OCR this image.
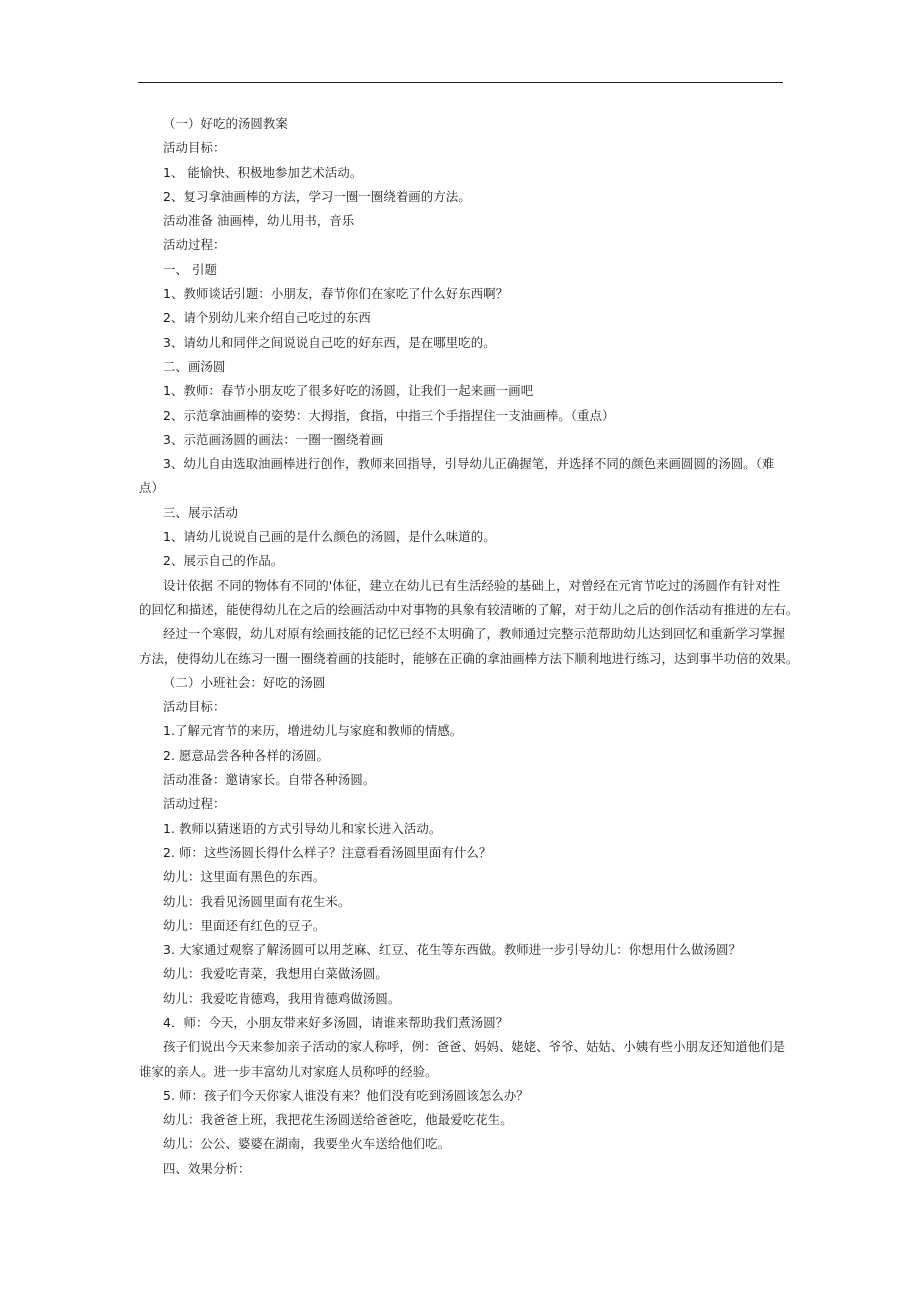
（一）好吃的汤圆教案
活动目标：
1、 能愉快、积极地参加艺术活动。
2、复习拿油画棒的方法，学习一圈一圈绕着画的方法。
活动准备 油画棒，幼儿用书，音乐
活动过程：
一、 引题
1、教师谈话引题：小朋友，春节你们在家吃了什么好东西啊？
2、请个别幼儿来介绍自己吃过的东西
3、请幼儿和同伴之间说说自己吃的好东西，是在哪里吃的。
二、画汤圆
1、教师：春节小朋友吃了很多好吃的汤圆，让我们一起来画一画吧
2、示范拿油画棒的姿势：大拇指，食指，中指三个手指捏住一支油画棒。（重点）
3、示范画汤圆的画法：一圈一圈绕着画
3、幼儿自由选取油画棒进行创作，教师来回指导，引导幼儿正确握笔，并选择不同的颜色来画圆圆的汤圆。（难
点）
三、展示活动
1、请幼儿说说自己画的是什么颜色的汤圆，是什么味道的。
2、展示自己的作品。
设计依据 不同的物体有不同的'体征，建立在幼儿已有生活经验的基础上，对曾经在元宵节吃过的汤圆作有针对性
的回忆和描述，能使得幼儿在之后的绘画活动中对事物的具象有较清晰的了解，对于幼儿之后的创作活动有推进的左右。
经过一个寒假，幼儿对原有绘画技能的记忆已经不太明确了，教师通过完整示范帮助幼儿达到回忆和重新学习掌握
方法，使得幼儿在练习一圈一圈绕着画的技能时，能够在正确的拿油画棒方法下顺利地进行练习，达到事半功倍的效果。
（二）小班社会：好吃的汤圆
活动目标：
1.了解元宵节的来历，增进幼儿与家庭和教师的情感。
2. 愿意品尝各种各样的汤圆。
活动准备：邀请家长。自带各种汤圆。
活动过程：
1. 教师以猜迷语的方式引导幼儿和家长进入活动。
2. 师：这些汤圆长得什么样子？注意看看汤圆里面有什么？
幼儿：这里面有黑色的东西。
幼儿：我看见汤圆里面有花生米。
幼儿：里面还有红色的豆子。
3. 大家通过观察了解汤圆可以用芝麻、红豆、花生等东西做。教师进一步引导幼儿：你想用什么做汤圆？
幼儿：我爱吃青菜，我想用白菜做汤圆。
幼儿：我爱吃肯德鸡，我用肯德鸡做汤圆。
4．师：今天，小朋友带来好多汤圆，请谁来帮助我们煮汤圆？
孩子们说出今天来参加亲子活动的家人称呼，例：爸爸、妈妈、姥姥、爷爷、姑姑、小姨有些小朋友还知道他们是
谁家的亲人。进一步丰富幼儿对家庭人员称呼的经验。
5. 师：孩子们今天你家人谁没有来？他们没有吃到汤圆该怎么办？
幼儿：我爸爸上班，我把花生汤圆送给爸爸吃，他最爱吃花生。
幼儿：公公、婆婆在湖南，我要坐火车送给他们吃。
四、效果分析：
